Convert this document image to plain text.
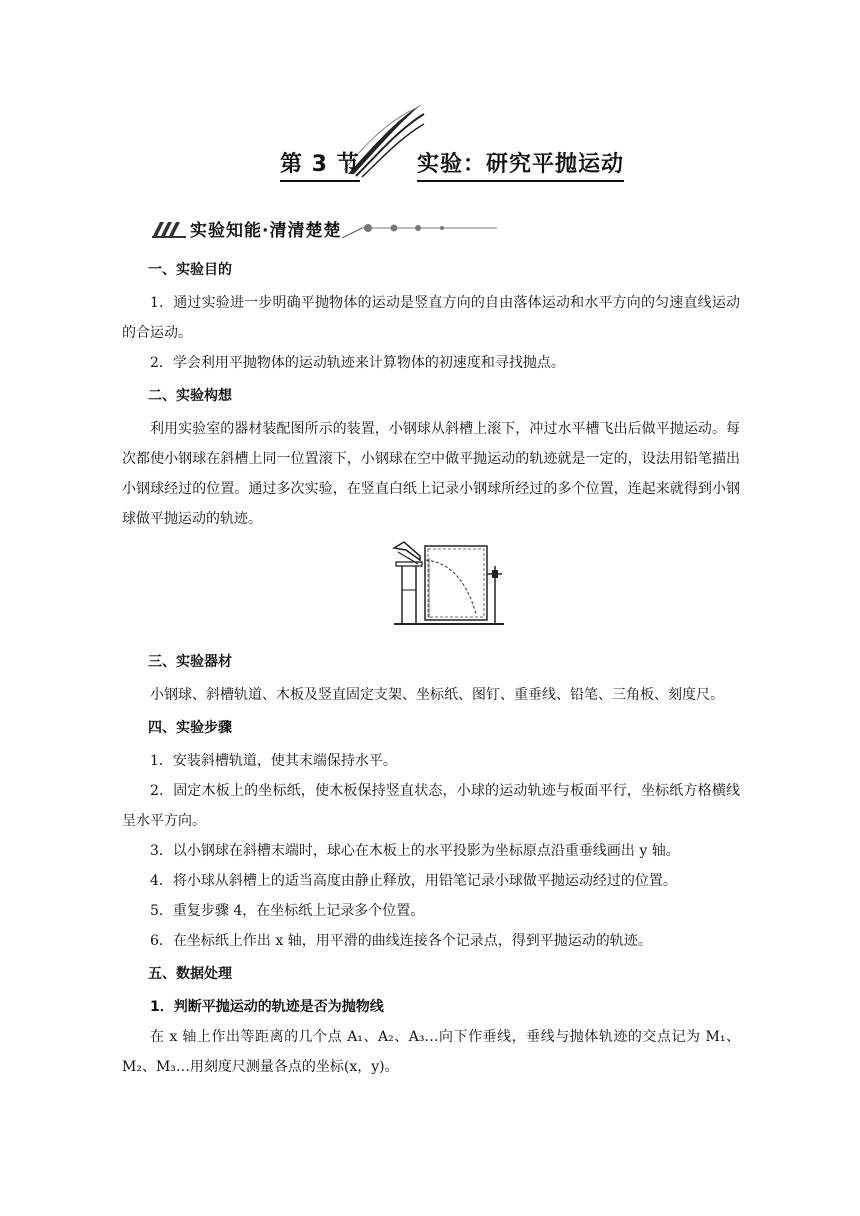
第 3 节	实验：研究平抛运动
实验知能·清清楚楚

一、实验目的

1．通过实验进一步明确平抛物体的运动是竖直方向的自由落体运动和水平方向的匀速直线运动的合运动。

2．学会利用平抛物体的运动轨迹来计算物体的初速度和寻找抛点。

二、实验构想

利用实验室的器材装配图所示的装置，小钢球从斜槽上滚下，冲过水平槽飞出后做平抛运动。每次都使小钢球在斜槽上同一位置滚下，小钢球在空中做平抛运动的轨迹就是一定的，设法用铅笔描出小钢球经过的位置。通过多次实验，在竖直白纸上记录小钢球所经过的多个位置，连起来就得到小钢球做平抛运动的轨迹。

三、实验器材

小钢球、斜槽轨道、木板及竖直固定支架、坐标纸、图钉、重垂线、铅笔、三角板、刻度尺。

四、实验步骤

1．安装斜槽轨道，使其末端保持水平。

2．固定木板上的坐标纸，使木板保持竖直状态，小球的运动轨迹与板面平行，坐标纸方格横线呈水平方向。

3．以小钢球在斜槽末端时，球心在木板上的水平投影为坐标原点沿重垂线画出 y 轴。

4．将小球从斜槽上的适当高度由静止释放，用铅笔记录小球做平抛运动经过的位置。

5．重复步骤 4，在坐标纸上记录多个位置。

6．在坐标纸上作出 x 轴，用平滑的曲线连接各个记录点，得到平抛运动的轨迹。

五、数据处理

1．判断平抛运动的轨迹是否为抛物线

在 x 轴上作出等距离的几个点 A₁、A₂、A₃…向下作垂线，垂线与抛体轨迹的交点记为 M₁、M₂、M₃…用刻度尺测量各点的坐标(x，y)。
